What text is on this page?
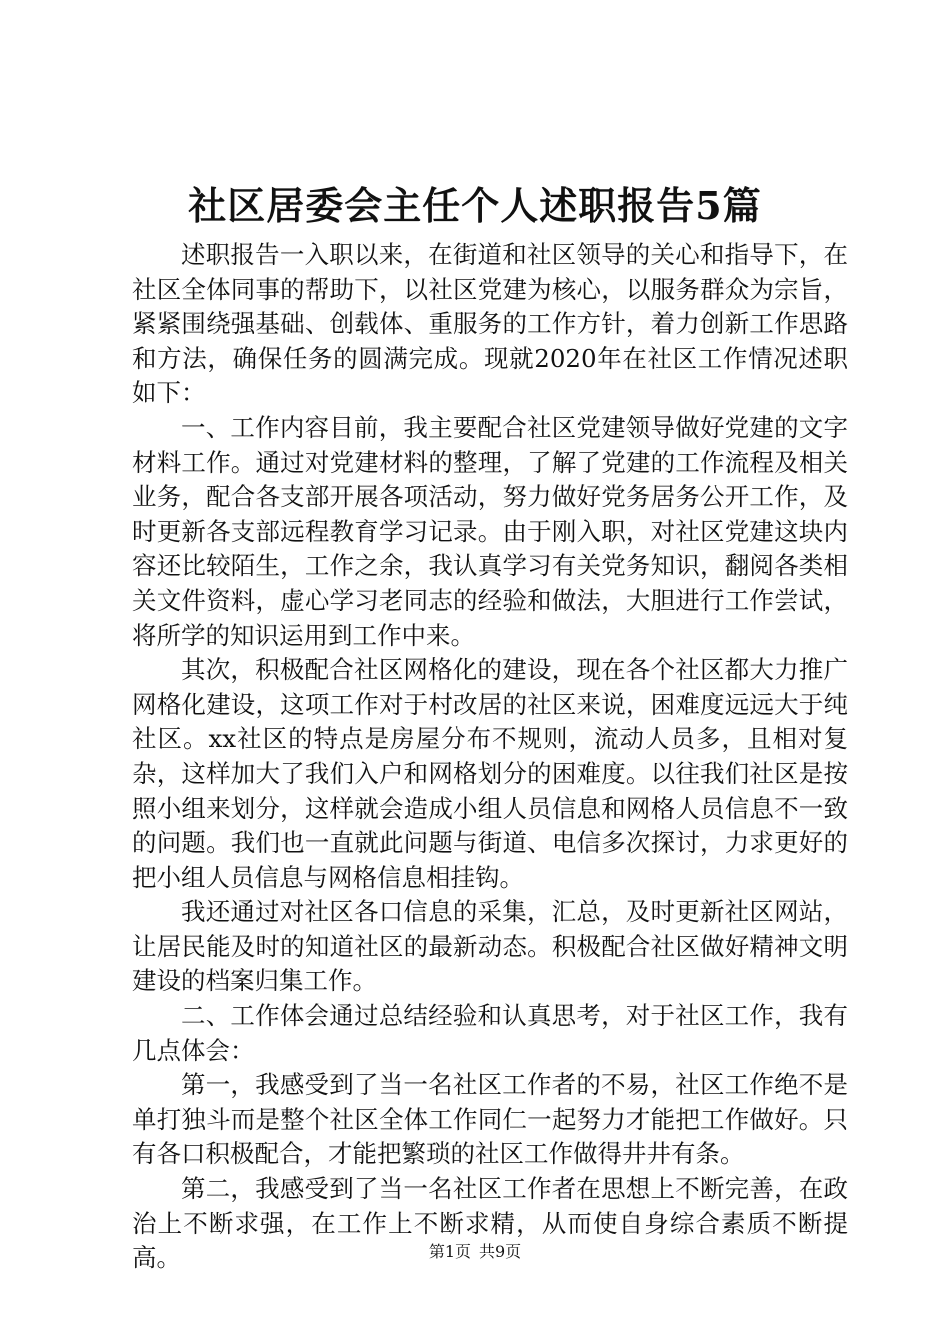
社区居委会主任个人述职报告5篇

述职报告一入职以来，在街道和社区领导的关心和指导下，在社区全体同事的帮助下，以社区党建为核心，以服务群众为宗旨，紧紧围绕强基础、创载体、重服务的工作方针，着力创新工作思路和方法，确保任务的圆满完成。现就2020年在社区工作情况述职如下：

一、工作内容目前，我主要配合社区党建领导做好党建的文字材料工作。通过对党建材料的整理，了解了党建的工作流程及相关业务，配合各支部开展各项活动，努力做好党务居务公开工作，及时更新各支部远程教育学习记录。由于刚入职，对社区党建这块内容还比较陌生，工作之余，我认真学习有关党务知识，翻阅各类相关文件资料，虚心学习老同志的经验和做法，大胆进行工作尝试，将所学的知识运用到工作中来。

其次，积极配合社区网格化的建设，现在各个社区都大力推广网格化建设，这项工作对于村改居的社区来说，困难度远远大于纯社区。xx社区的特点是房屋分布不规则，流动人员多，且相对复杂，这样加大了我们入户和网格划分的困难度。以往我们社区是按照小组来划分，这样就会造成小组人员信息和网格人员信息不一致的问题。我们也一直就此问题与街道、电信多次探讨，力求更好的把小组人员信息与网格信息相挂钩。

我还通过对社区各口信息的采集，汇总，及时更新社区网站，让居民能及时的知道社区的最新动态。积极配合社区做好精神文明建设的档案归集工作。

二、工作体会通过总结经验和认真思考，对于社区工作，我有几点体会：

第一，我感受到了当一名社区工作者的不易，社区工作绝不是单打独斗而是整个社区全体工作同仁一起努力才能把工作做好。只有各口积极配合，才能把繁琐的社区工作做得井井有条。

第二，我感受到了当一名社区工作者在思想上不断完善，在政治上不断求强，在工作上不断求精，从而使自身综合素质不断提高。	第1页 共9页
